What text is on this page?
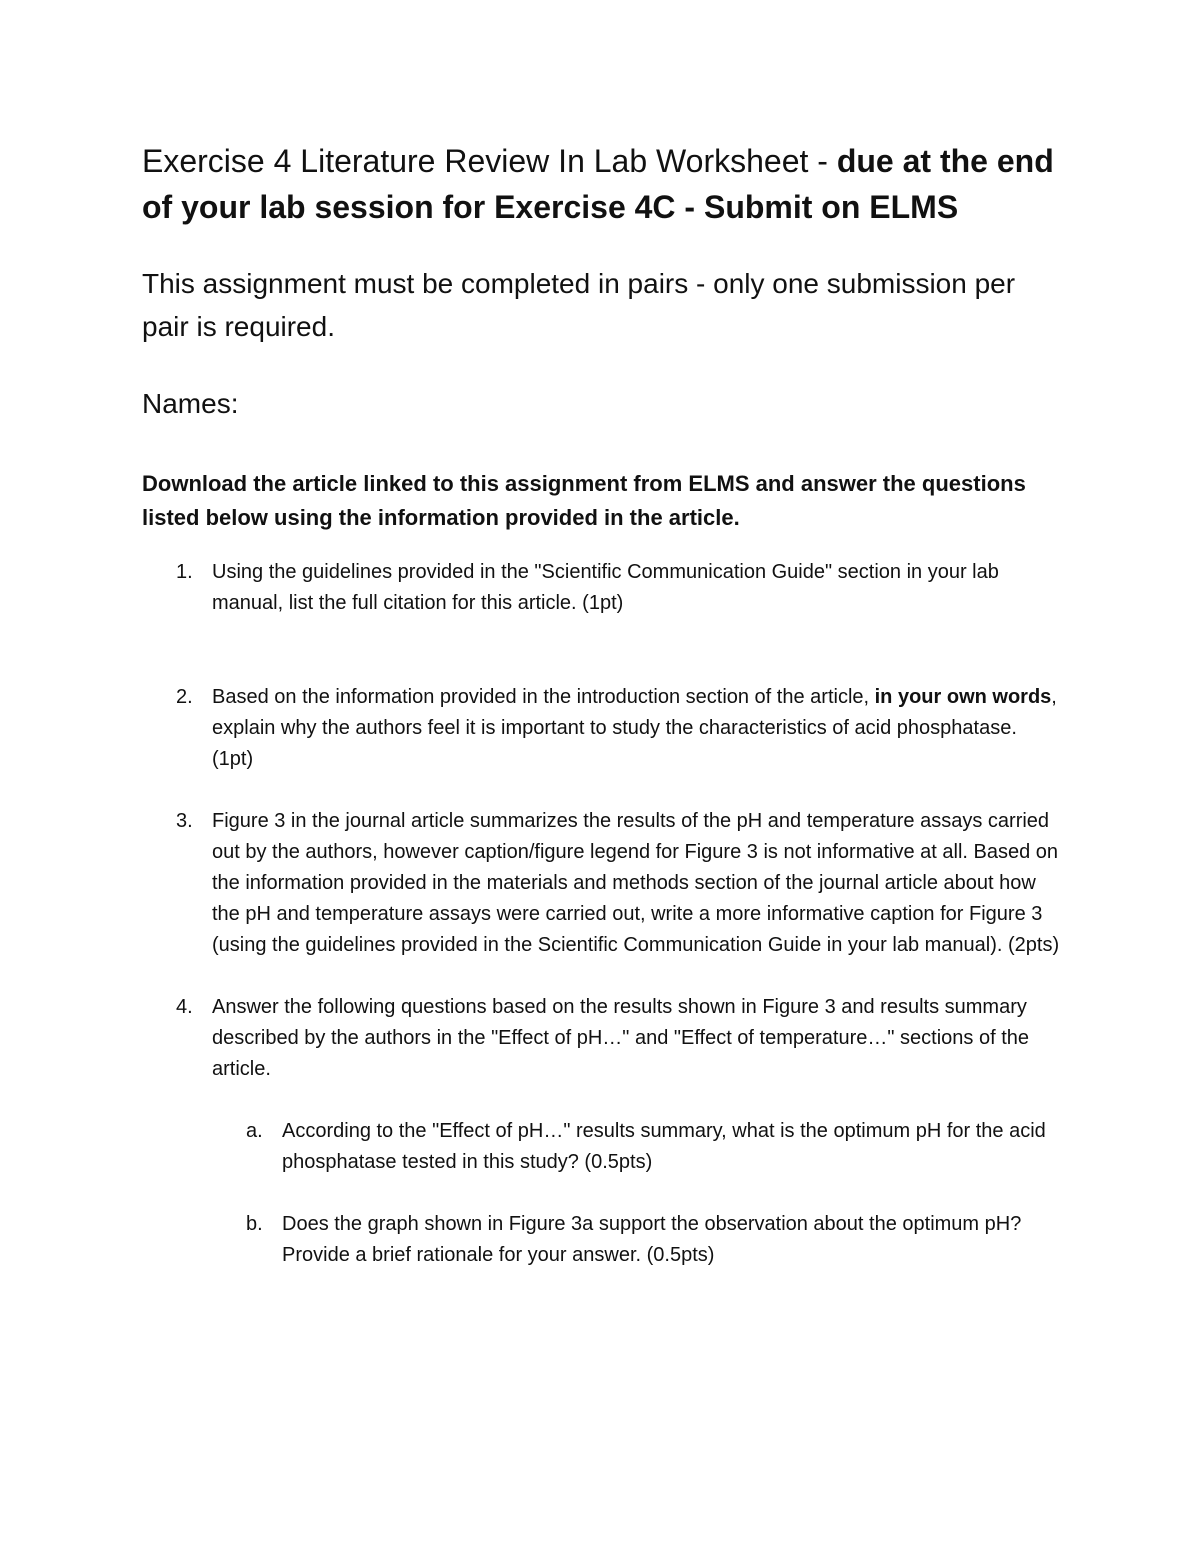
Exercise 4 Literature Review In Lab Worksheet - due at the end of your lab session for Exercise 4C - Submit on ELMS

This assignment must be completed in pairs - only one submission per pair is required.

Names:

Download the article linked to this assignment from ELMS and answer the questions listed below using the information provided in the article.

1. Using the guidelines provided in the "Scientific Communication Guide" section in your lab manual, list the full citation for this article. (1pt)
2. Based on the information provided in the introduction section of the article, in your own words, explain why the authors feel it is important to study the characteristics of acid phosphatase. (1pt)
3. Figure 3 in the journal article summarizes the results of the pH and temperature assays carried out by the authors, however caption/figure legend for Figure 3 is not informative at all. Based on the information provided in the materials and methods section of the journal article about how the pH and temperature assays were carried out, write a more informative caption for Figure 3 (using the guidelines provided in the Scientific Communication Guide in your lab manual). (2pts)
4. Answer the following questions based on the results shown in Figure 3 and results summary described by the authors in the "Effect of pH…" and "Effect of temperature…" sections of the article.
a. According to the "Effect of pH…" results summary, what is the optimum pH for the acid phosphatase tested in this study? (0.5pts)
b. Does the graph shown in Figure 3a support the observation about the optimum pH? Provide a brief rationale for your answer. (0.5pts)
